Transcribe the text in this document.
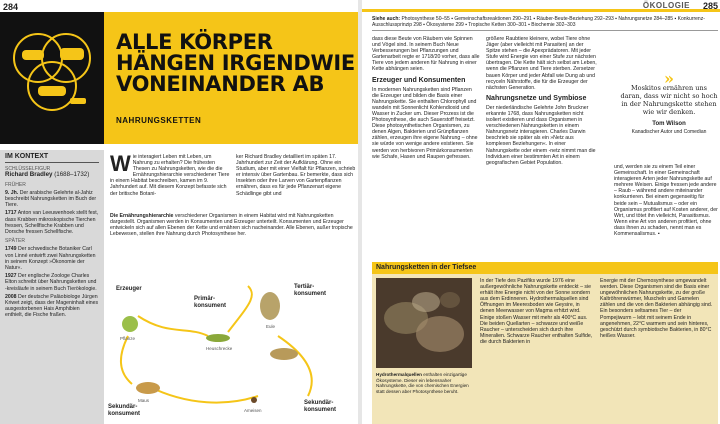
284
ALLE KÖRPER
HÄNGEN IRGENDWIE
VONEINANDER AB
NAHRUNGSKETTEN
IM KONTEXT
SCHLÜSSELFIGUR
Richard Bradley (1688–1732)
FRÜHER
9. Jh. Der arabische Gelehrte al-Jahiz beschreibt Nahrungsketten im Buch der Tiere.
1717 Anton van Leeuwenhoek stellt fest, dass Krabben mikroskopische Tierchen fressen, Schellfische Krabben und Dorsche fressen Schellfische.
SPÄTER
1749 Der schwedische Botaniker Carl von Linné entwirft zwei Nahrungsketten in seinem Konzept »Ökonomie der Natur«.
1927 Der englische Zoologe Charles Elton schreibt über Nahrungsketten und -kreisläufe in seinem Buch Tierökologie.
2008 Der deutsche Paläobiologe Jürgen Kriwet zeigt, dass der Mageninhalt eines ausgestorbenen Hais Amphibien enthielt, die Fische fraßen.
Wie interagiert Leben mit Leben, um Nahrung zu erhalten? Die frühesten Thesen zu Nahrungsketten, wie die die Ernährungshierarchie verschiedener Tiere in einem Habitat beschreiben, kamen im 9. Jahrhundert auf. Mit diesem Konzept befasste sich der britische Botani-
ker Richard Bradley detailliert im späten 17. Jahrhundert zur Zeit der Aufklärung. Ohne ein Studium, aber mit einer Vielfalt für Pflanzen, schrieb er intensiv über Gartenbau. Er bemerkte, dass sich Insekten oder ihre Larven von Gartenpflanzen ernähren, dass es für jede Pflanzenart eigene Schädlinge gibt und
Die Ernährungshierarchie verschiedener Organismen in einem Habitat wird mit Nahrungsketten dargestellt. Organismen werden in Konsumenten und Erzeuger unterteilt. Konsumenten und Erzeuger entwickeln sich auf allen Ebenen der Kette und ernähren sich nacheinander. Alle Ebenen, außer tropische Lebewesen, stellen ihre Nahrung durch Photosynthese her.
Erzeuger
Pflanze
Primär-
konsument
Heuschrecke
Tertiär-
konsument
Eule
Sekundär-
konsument
Maus	Sekundär-
konsument
Ameisen
ÖKOLOGIE 285
Siehe auch: Photosynthese 50–55 ▪ Gemeinschaftsreaktionen 290–291 ▪ Räuber-Beute-Beziehung 292–293 ▪ Nahrungsnetze 284–285 ▪ Konkurrenz-Ausschlussprinzip 298 ▪ Ökosysteme 299 ▪ Tropische Ketten 300–301 ▪ Biochemie 302–303
dass diese Beute von Räubern wie Spinnen und Vögel sind. In seinem Buch Neue Verbesserungen bei Pflanzungen und Gartenarbeit regte er 1718/20 vorher, dass alle Tiere von jedem anderen für Nahrung in einer Kette abhängen seien.
Erzeuger und Konsumenten
In modernen Nahrungsketten sind Pflanzen die Erzeuger und bilden die Basis einer Nahrungskette. Sie enthalten Chlorophyll und wandeln mit Sonnenlicht Kohlendioxid und Wasser in Zucker um. Dieser Prozess ist die Photosynthese, die auch Sauerstoff freisetzt. Diese photosynthetischen Organismen, zu denen Algen, Bakterien und Grünpflanzen zählen, erzeugen ihre eigene Nahrung – ohne sie würde von wenige andere existieren. Sie werden von herbivoren Primärkonsumenten wie Schafe, Hasen und Raupen gefressen.
größere Raubtiere kleinere, wobei Tiere ohne Jäger (aber vielleicht mit Parasiten) an der Spitze stehen – die Apexprädatoren. Mit jeder Stufe wird Energie von einer Stufe zur nächsten übertragen. Die Kette hält sich selbst am Leben, wenn die Pflanzen und Tiere sterben. Zersetzer bauen Körper und jeder Abfall wie Dung ab und recyceln Nährstoffe, die für die Erzeuger der nächsten Generation.
Nahrungsnetze und Symbiose
Der niederländische Gelehrte John Bruckner erkannte 1768, dass Nahrungsketten nicht isoliert existieren und dass Organismen in verschiedenen Nahrungsketten in einem Nahrungsnetz interagieren. Charles Darwin beschrieb sie später als ein »Netz aus komplexen Beziehungen«. In einer Nahrungskette oder einem -netz nimmt man die Individuen einer bestimmten Art in einem geografischen Gebiet Population.
»
Moskitos ernähren uns daran, dass wir nicht so hoch in der Nahrungskette stehen wie wir denken.
Tom Wilson
Kanadischer Autor und Comedian
und, werden sie zu einem Teil einer Gemeinschaft. In einer Gemeinschaft interagieren Arten jeder Nahrungskette auf mehrere Weisen. Einige fressen jede andere – Raub – während andere miteinander konkurrieren. Bei einem gegenseitig für beide sein – Mutualismus – oder ein Organismus profitiert auf Kosten anderer, der Wirt, und tötet ihn vielleicht, Parasitismus. Wenn eine Art von anderen profitiert, ohne dass ihnen zu schaden, nennt man es Kommensalismus. ▪
Nahrungsketten in der Tiefsee
Hydrothermalquellen enthalten einzigartige Ökosysteme. Dieser ein lebensnaher Nahrungskette, die von chemischen Energien statt dessen aber Photosynthese beruht.
In der Tiefe des Pazifiks wurde 1976 eine außergewöhnliche Nahrungskette entdeckt – sie erhält ihre Energie nicht von der Sonne sondern aus dem Erdinneren. Hydrothermalquellen sind Öffnungen im Meeresboden wie Geysire, in denen Meerwasser von Magma erhitzt wird. Einige stoßen Wasser mit mehr als 400°C aus. Die beiden Quellarten – schwarze und weiße Raucher – unterscheiden sich durch ihre Mineralien. Schwarze Raucher enthalten Sulfide, die durch Bakterien in
Energie mit der Chemosynthese umgewandelt werden. Diese Organismen sind die Basis einer ungewöhnlichen Nahrungskette, zu der große Kaltröhrenwürmer, Muscheln und Garnelen zählen und die von den Bakterien abhängig sind. Ein besonders seltsames Tier – der Pompejiwurm – lebt mit seinem Ende in angenehmen, 22°C warmem und sein hinteres, geschützt durch symbiotische Bakterien, in 80°C heißes Wasser.
